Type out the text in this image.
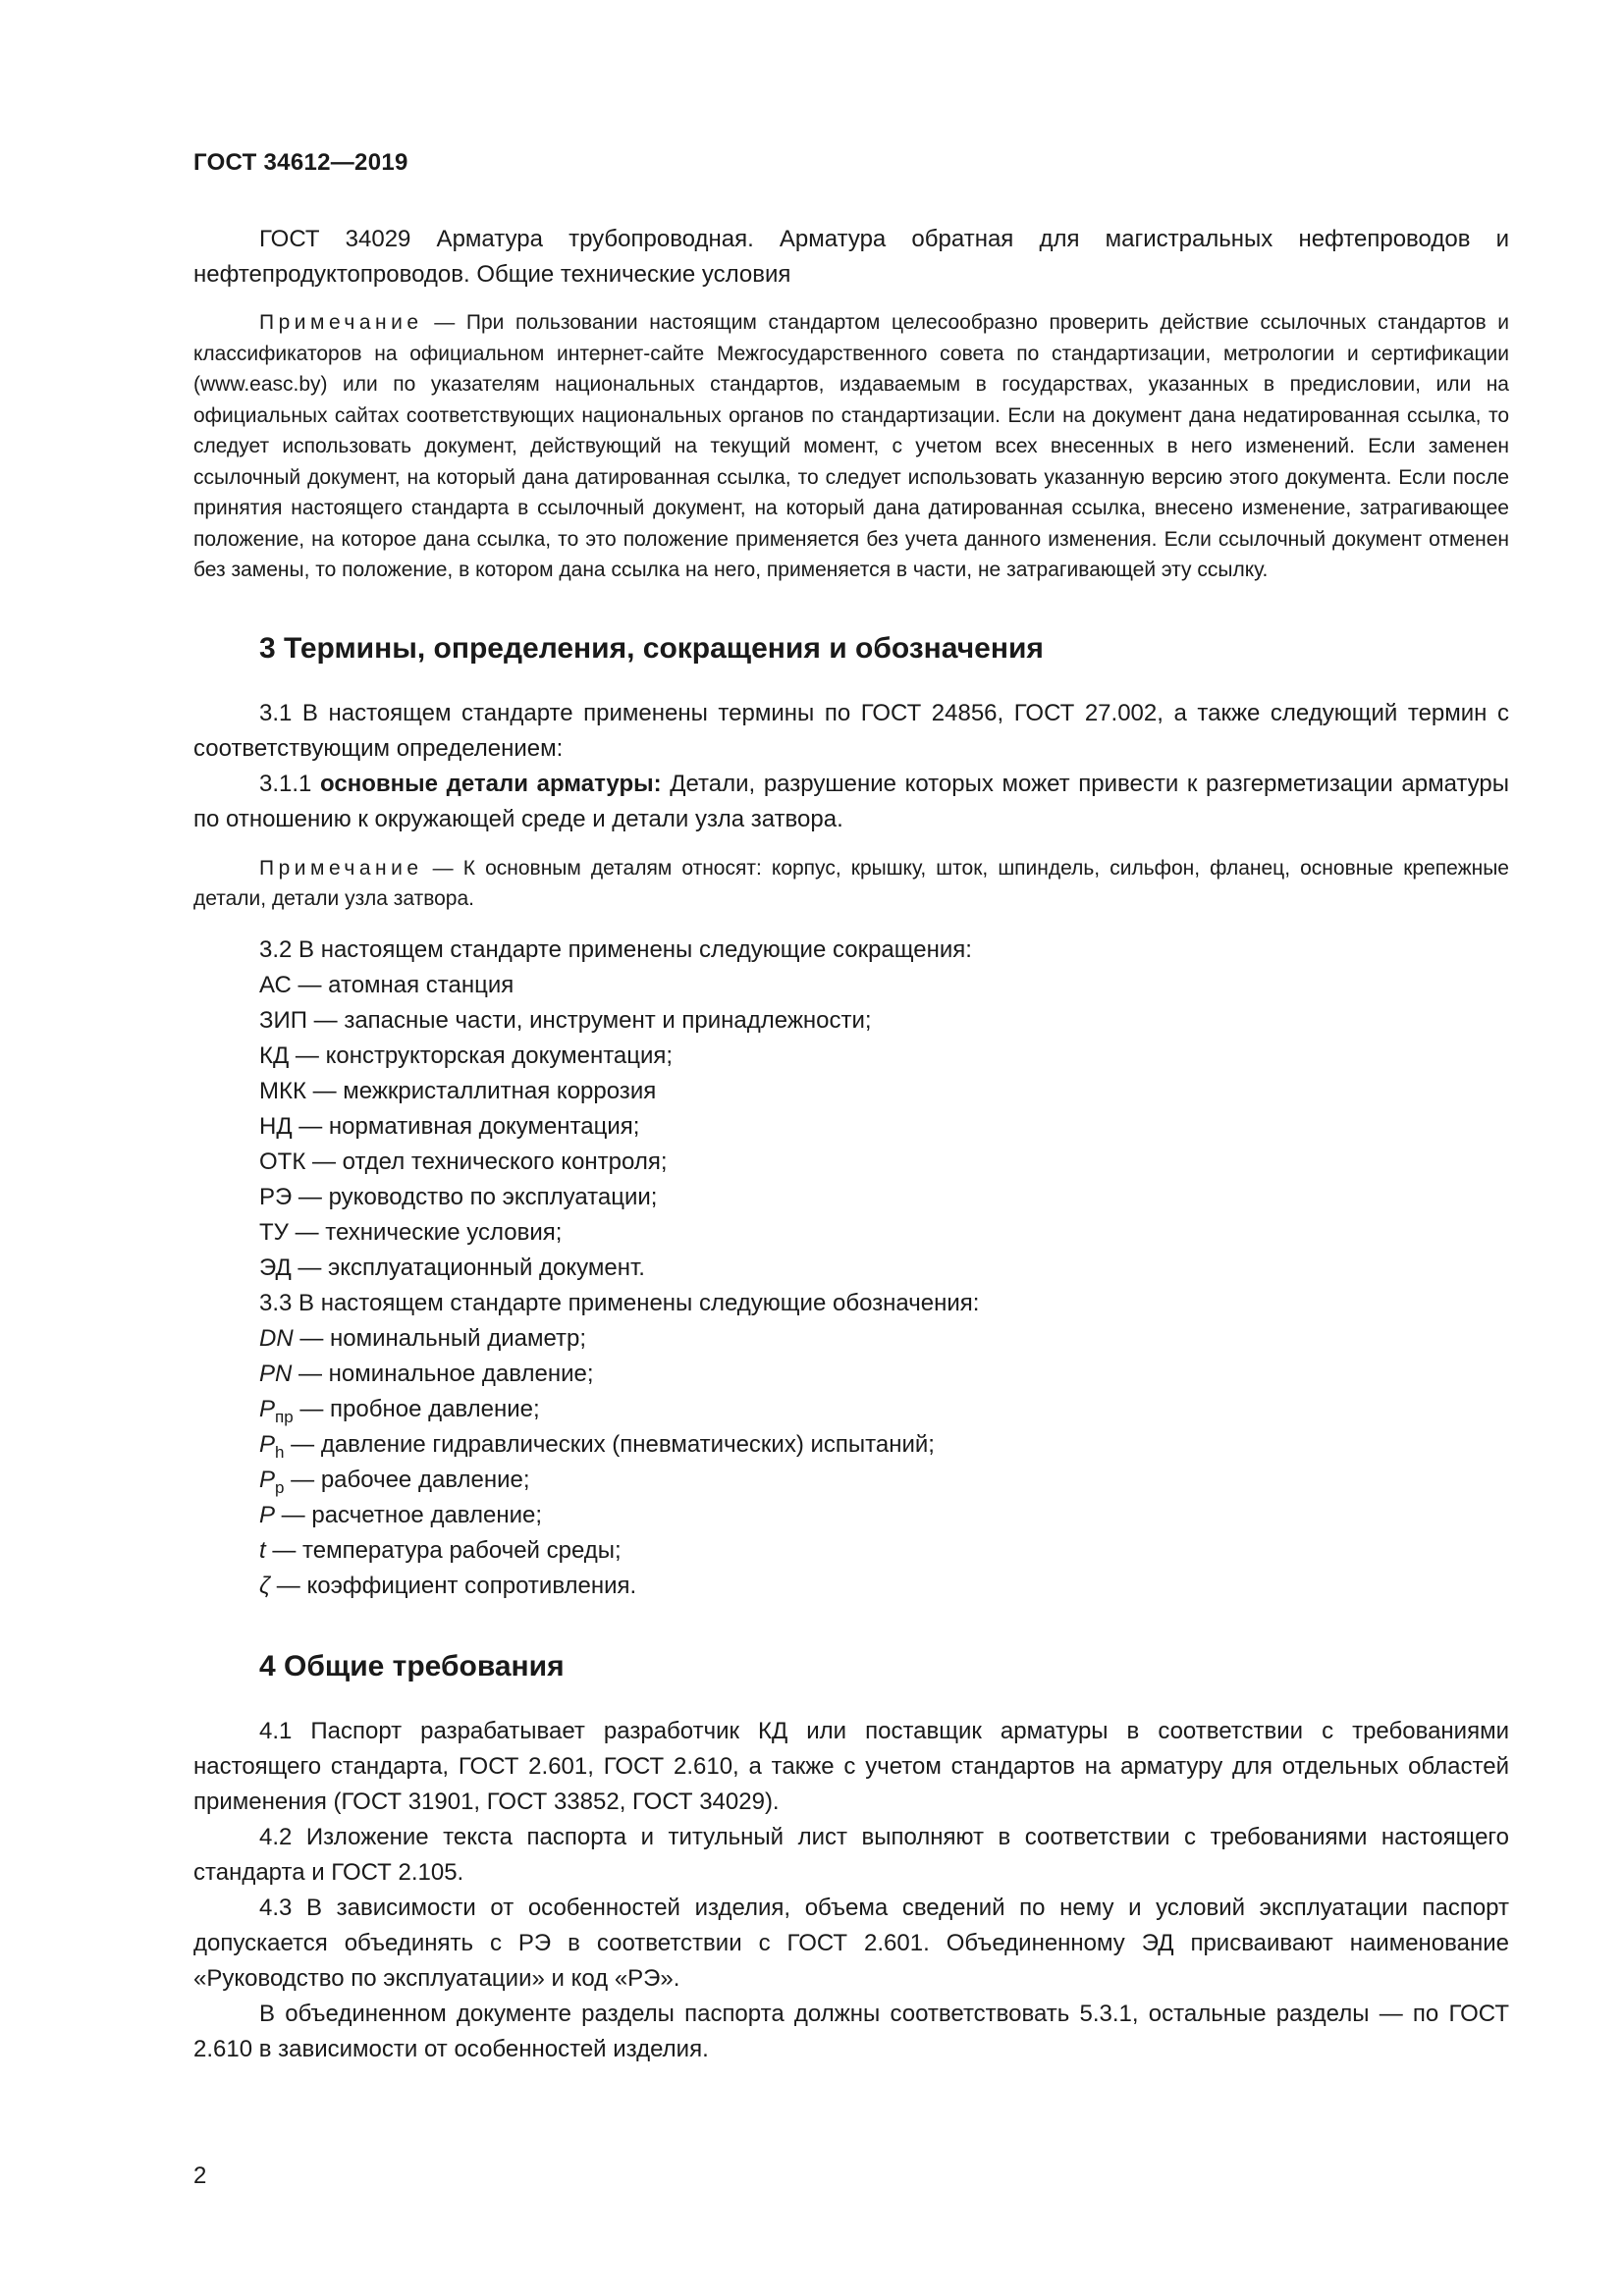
ГОСТ 34612—2019

ГОСТ 34029 Арматура трубопроводная. Арматура обратная для магистральных нефтепроводов и нефтепродуктопроводов. Общие технические условия

Примечание — При пользовании настоящим стандартом целесообразно проверить действие ссылочных стандартов и классификаторов на официальном интернет-сайте Межгосударственного совета по стандартизации, метрологии и сертификации (www.easc.by) или по указателям национальных стандартов, издаваемым в государствах, указанных в предисловии, или на официальных сайтах соответствующих национальных органов по стандартизации. Если на документ дана недатированная ссылка, то следует использовать документ, действующий на текущий момент, с учетом всех внесенных в него изменений. Если заменен ссылочный документ, на который дана датированная ссылка, то следует использовать указанную версию этого документа. Если после принятия настоящего стандарта в ссылочный документ, на который дана датированная ссылка, внесено изменение, затрагивающее положение, на которое дана ссылка, то это положение применяется без учета данного изменения. Если ссылочный документ отменен без замены, то положение, в котором дана ссылка на него, применяется в части, не затрагивающей эту ссылку.

3 Термины, определения, сокращения и обозначения

3.1 В настоящем стандарте применены термины по ГОСТ 24856, ГОСТ 27.002, а также следующий термин с соответствующим определением:

3.1.1 основные детали арматуры: Детали, разрушение которых может привести к разгерметизации арматуры по отношению к окружающей среде и детали узла затвора.

Примечание — К основным деталям относят: корпус, крышку, шток, шпиндель, сильфон, фланец, основные крепежные детали, детали узла затвора.

3.2 В настоящем стандарте применены следующие сокращения:

АС — атомная станция

ЗИП — запасные части, инструмент и принадлежности;

КД — конструкторская документация;

МКК — межкристаллитная коррозия

НД — нормативная документация;

ОТК — отдел технического контроля;

РЭ — руководство по эксплуатации;

ТУ — технические условия;

ЭД — эксплуатационный документ.

3.3 В настоящем стандарте применены следующие обозначения:

DN — номинальный диаметр;

PN — номинальное давление;

$P_{пр}$ — пробное давление;

$P_h$ — давление гидравлических (пневматических) испытаний;

$P_р$ — рабочее давление;

P — расчетное давление;

t — температура рабочей среды;

ζ — коэффициент сопротивления.

4 Общие требования

4.1 Паспорт разрабатывает разработчик КД или поставщик арматуры в соответствии с требованиями настоящего стандарта, ГОСТ 2.601, ГОСТ 2.610, а также с учетом стандартов на арматуру для отдельных областей применения (ГОСТ 31901, ГОСТ 33852, ГОСТ 34029).

4.2 Изложение текста паспорта и титульный лист выполняют в соответствии с требованиями настоящего стандарта и ГОСТ 2.105.

4.3 В зависимости от особенностей изделия, объема сведений по нему и условий эксплуатации паспорт допускается объединять с РЭ в соответствии с ГОСТ 2.601. Объединенному ЭД присваивают наименование «Руководство по эксплуатации» и код «РЭ».

В объединенном документе разделы паспорта должны соответствовать 5.3.1, остальные разделы — по ГОСТ 2.610 в зависимости от особенностей изделия.

2
